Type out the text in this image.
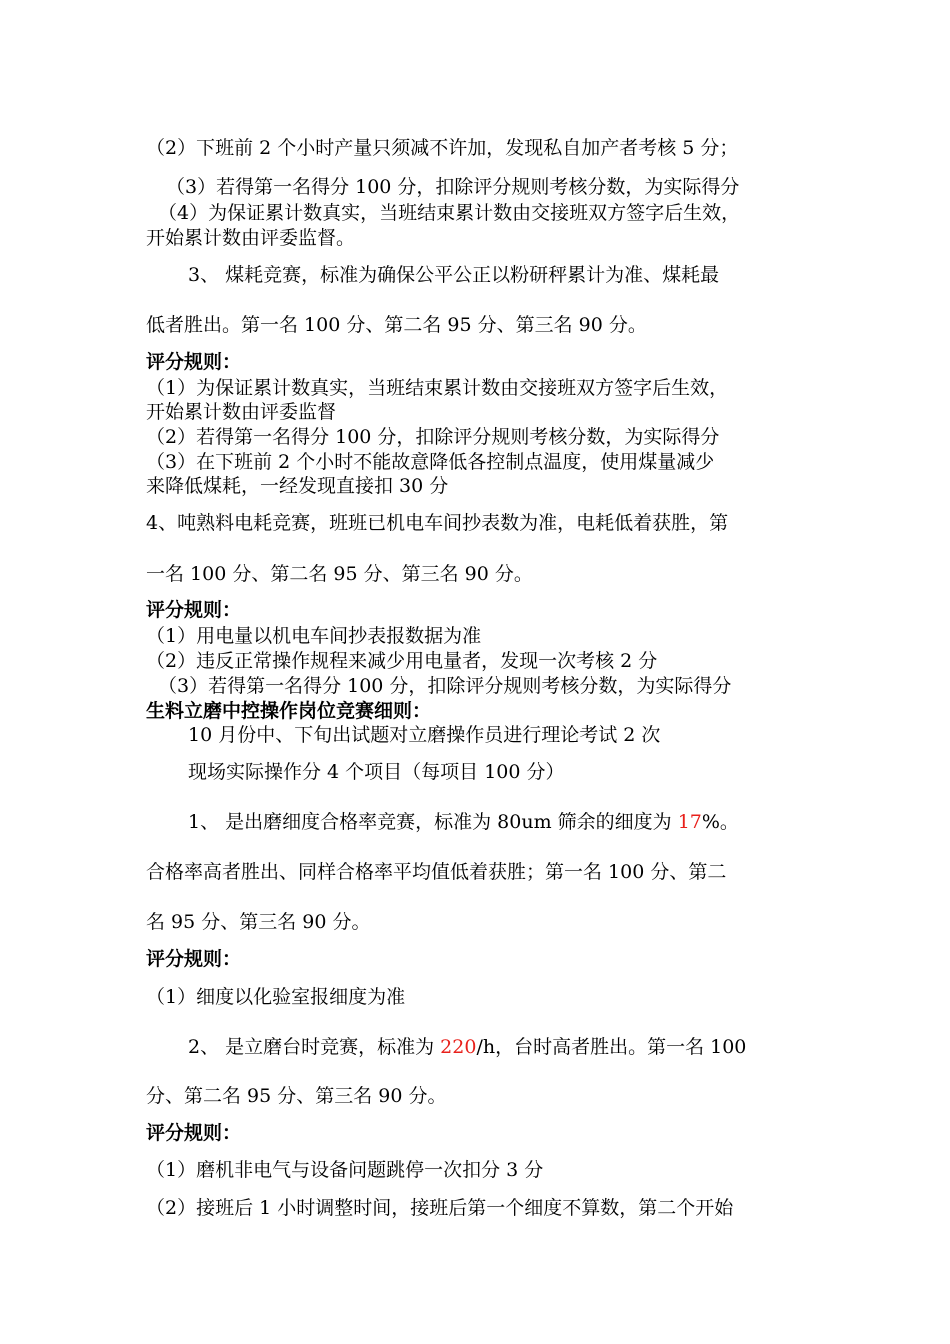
（2）下班前 2 个小时产量只须减不许加，发现私自加产者考核 5 分；
（3）若得第一名得分 100 分，扣除评分规则考核分数，为实际得分
（4）为保证累计数真实，当班结束累计数由交接班双方签字后生效，
开始累计数由评委监督。
3、 煤耗竞赛，标准为确保公平公正以粉研秤累计为准、煤耗最
低者胜出。第一名 100 分、第二名 95 分、第三名 90 分。
评分规则：
（1）为保证累计数真实，当班结束累计数由交接班双方签字后生效，
开始累计数由评委监督
（2）若得第一名得分 100 分，扣除评分规则考核分数，为实际得分
（3）在下班前 2 个小时不能故意降低各控制点温度，使用煤量减少
来降低煤耗，一经发现直接扣 30 分
4、吨熟料电耗竞赛，班班已机电车间抄表数为准，电耗低着获胜，第
一名 100 分、第二名 95 分、第三名 90 分。
评分规则：
（1）用电量以机电车间抄表报数据为准
（2）违反正常操作规程来减少用电量者，发现一次考核 2 分
（3）若得第一名得分 100 分，扣除评分规则考核分数，为实际得分
生料立磨中控操作岗位竞赛细则：
10 月份中、下旬出试题对立磨操作员进行理论考试 2 次
现场实际操作分 4 个项目（每项目 100 分）
1、 是出磨细度合格率竞赛，标准为 80um 筛余的细度为 17%。
合格率高者胜出、同样合格率平均值低着获胜；第一名 100 分、第二
名 95 分、第三名 90 分。
评分规则：
（1）细度以化验室报细度为准
2、 是立磨台时竞赛，标准为 220/h，台时高者胜出。第一名 100
分、第二名 95 分、第三名 90 分。
评分规则：
（1）磨机非电气与设备问题跳停一次扣分 3 分
（2）接班后 1 小时调整时间，接班后第一个细度不算数，第二个开始
